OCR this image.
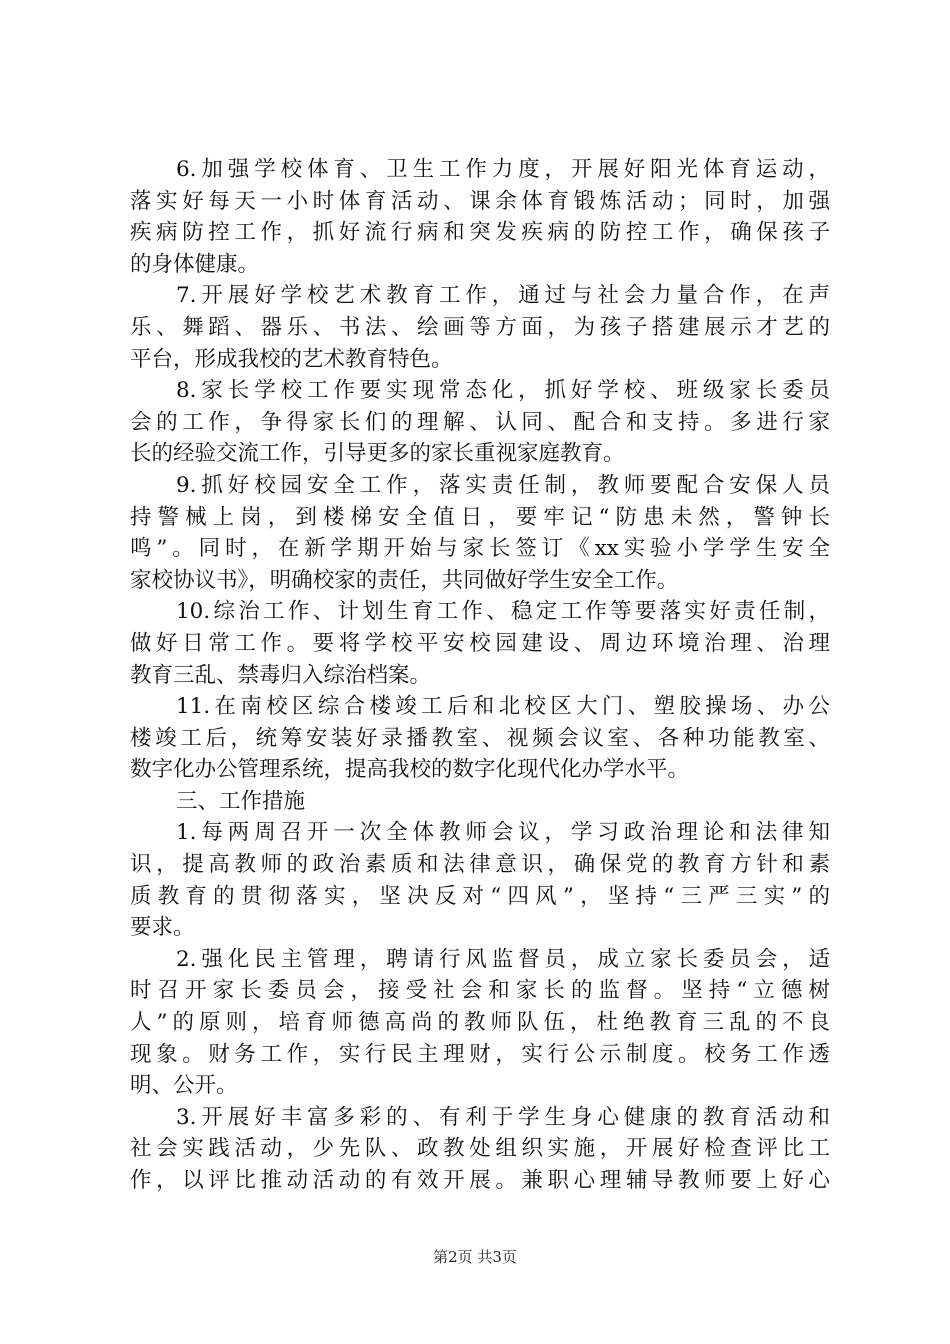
6.加强学校体育、卫生工作力度，开展好阳光体育运动，
落实好每天一小时体育活动、课余体育锻炼活动；同时，加强
疾病防控工作，抓好流行病和突发疾病的防控工作，确保孩子
的身体健康。
7.开展好学校艺术教育工作，通过与社会力量合作，在声
乐、舞蹈、器乐、书法、绘画等方面，为孩子搭建展示才艺的
平台，形成我校的艺术教育特色。
8.家长学校工作要实现常态化，抓好学校、班级家长委员
会的工作，争得家长们的理解、认同、配合和支持。多进行家
长的经验交流工作，引导更多的家长重视家庭教育。
9.抓好校园安全工作，落实责任制，教师要配合安保人员
持警械上岗，到楼梯安全值日，要牢记“防患未然，警钟长
鸣”。同时，在新学期开始与家长签订《xx实验小学学生安全
家校协议书》，明确校家的责任，共同做好学生安全工作。
10.综治工作、计划生育工作、稳定工作等要落实好责任制，
做好日常工作。要将学校平安校园建设、周边环境治理、治理
教育三乱、禁毒归入综治档案。
11.在南校区综合楼竣工后和北校区大门、塑胶操场、办公
楼竣工后，统筹安装好录播教室、视频会议室、各种功能教室、
数字化办公管理系统，提高我校的数字化现代化办学水平。
三、工作措施
1.每两周召开一次全体教师会议，学习政治理论和法律知
识，提高教师的政治素质和法律意识，确保党的教育方针和素
质教育的贯彻落实，坚决反对“四风”，坚持“三严三实”的
要求。
2.强化民主管理，聘请行风监督员，成立家长委员会，适
时召开家长委员会，接受社会和家长的监督。坚持“立德树
人”的原则，培育师德高尚的教师队伍，杜绝教育三乱的不良
现象。财务工作，实行民主理财，实行公示制度。校务工作透
明、公开。
3.开展好丰富多彩的、有利于学生身心健康的教育活动和
社会实践活动，少先队、政教处组织实施，开展好检查评比工
作，以评比推动活动的有效开展。兼职心理辅导教师要上好心
第2页 共3页
